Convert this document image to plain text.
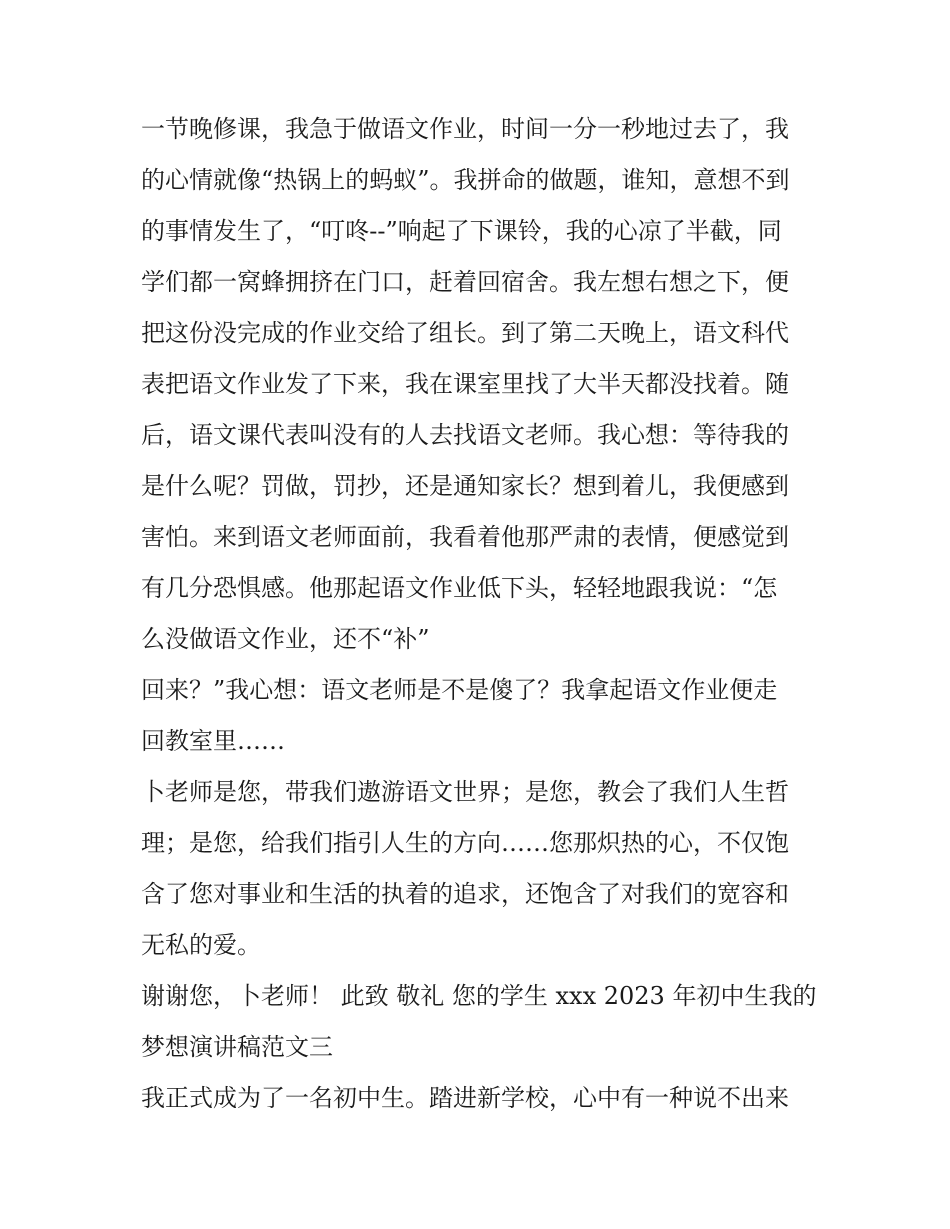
一节晚修课，我急于做语文作业，时间一分一秒地过去了，我
的心情就像“热锅上的蚂蚁”。我拼命的做题，谁知，意想不到
的事情发生了，“叮咚--”响起了下课铃，我的心凉了半截，同
学们都一窝蜂拥挤在门口，赶着回宿舍。我左想右想之下，便
把这份没完成的作业交给了组长。到了第二天晚上，语文科代
表把语文作业发了下来，我在课室里找了大半天都没找着。随
后，语文课代表叫没有的人去找语文老师。我心想：等待我的
是什么呢？罚做，罚抄，还是通知家长？想到着儿，我便感到
害怕。来到语文老师面前，我看着他那严肃的表情，便感觉到
有几分恐惧感。他那起语文作业低下头，轻轻地跟我说：“怎
么没做语文作业，还不“补”
回来？”我心想：语文老师是不是傻了？我拿起语文作业便走
回教室里……
卜老师是您，带我们遨游语文世界；是您，教会了我们人生哲
理；是您，给我们指引人生的方向……您那炽热的心，不仅饱
含了您对事业和生活的执着的追求，还饱含了对我们的宽容和
无私的爱。
谢谢您，卜老师！ 此致 敬礼 您的学生 xxx 2023 年初中生我的
梦想演讲稿范文三
我正式成为了一名初中生。踏进新学校，心中有一种说不出来
